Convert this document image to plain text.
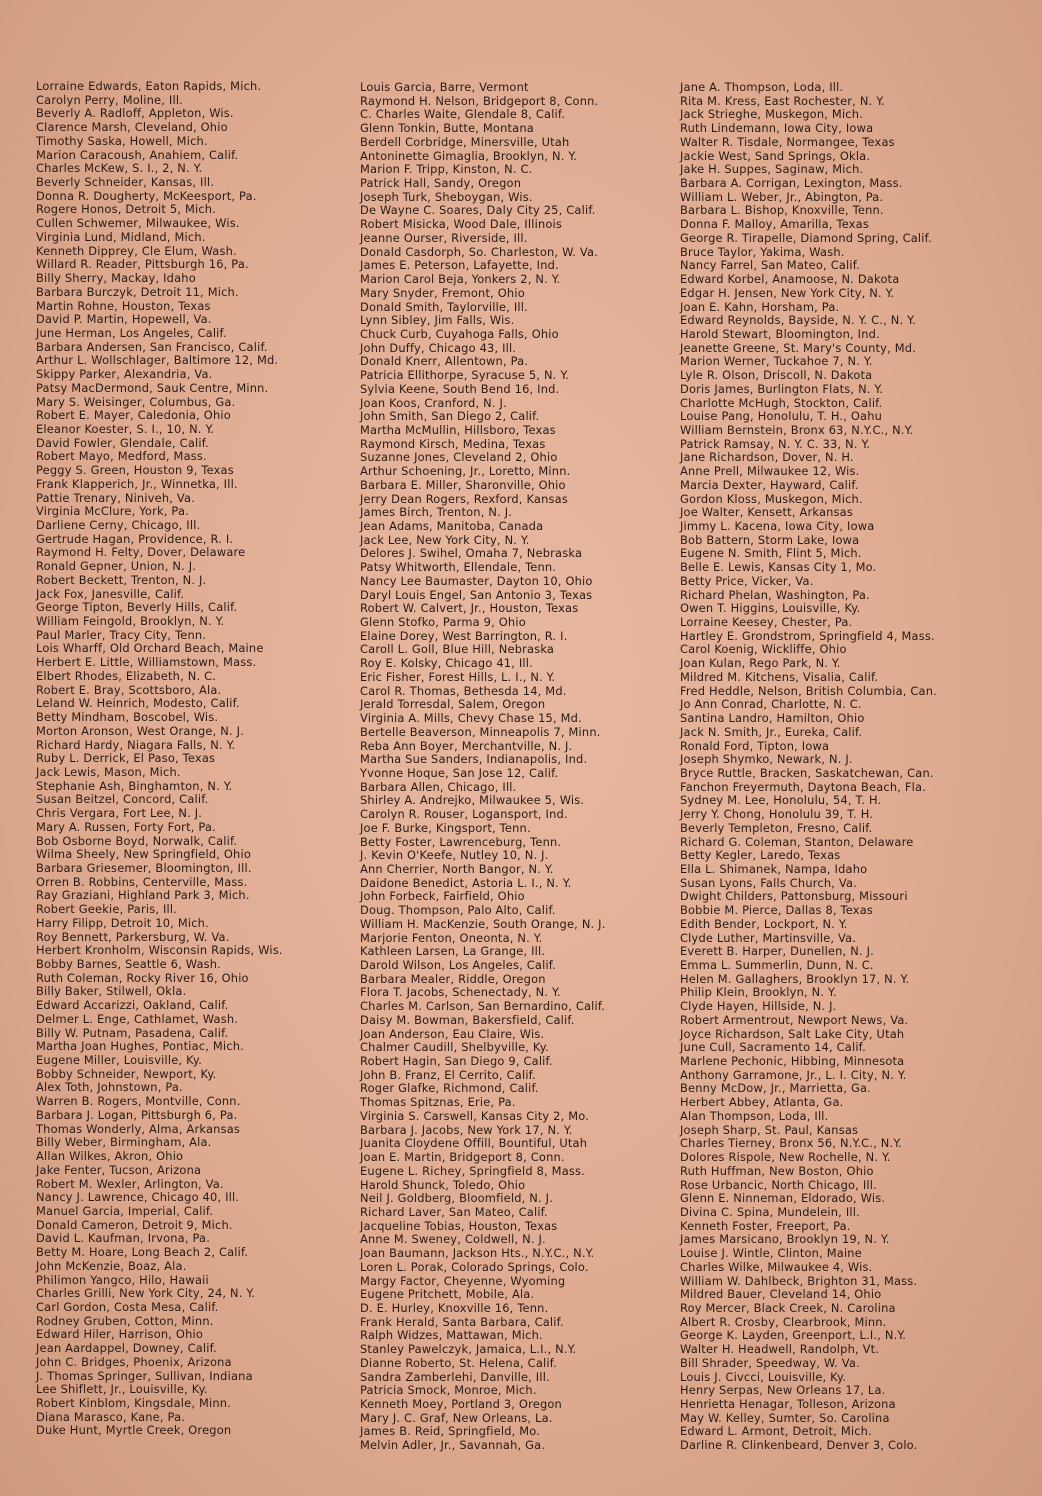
Lorraine Edwards, Eaton Rapids, Mich.
Carolyn Perry, Moline, Ill.
Beverly A. Radloff, Appleton, Wis.
Clarence Marsh, Cleveland, Ohio
Timothy Saska, Howell, Mich.
Marion Caracoush, Anahiem, Calif.
Charles McKew, S. I., 2, N. Y.
Beverly Schneider, Kansas, Ill.
Donna R. Dougherty, McKeesport, Pa.
Rogere Honos, Detroit 5, Mich.
Cullen Schwemer, Milwaukee, Wis.
Virginia Lund, Midland, Mich.
Kenneth Dipprey, Cle Elum, Wash.
Willard R. Reader, Pittsburgh 16, Pa.
Billy Sherry, Mackay, Idaho
Barbara Burczyk, Detroit 11, Mich.
Martin Rohne, Houston, Texas
David P. Martin, Hopewell, Va.
June Herman, Los Angeles, Calif.
Barbara Andersen, San Francisco, Calif.
Arthur L. Wollschlager, Baltimore 12, Md.
Skippy Parker, Alexandria, Va.
Patsy MacDermond, Sauk Centre, Minn.
Mary S. Weisinger, Columbus, Ga.
Robert E. Mayer, Caledonia, Ohio
Eleanor Koester, S. I., 10, N. Y.
David Fowler, Glendale, Calif.
Robert Mayo, Medford, Mass.
Peggy S. Green, Houston 9, Texas
Frank Klapperich, Jr., Winnetka, Ill.
Pattie Trenary, Niniveh, Va.
Virginia McClure, York, Pa.
Darliene Cerny, Chicago, Ill.
Gertrude Hagan, Providence, R. I.
Raymond H. Felty, Dover, Delaware
Ronald Gepner, Union, N. J.
Robert Beckett, Trenton, N. J.
Jack Fox, Janesville, Calif.
George Tipton, Beverly Hills, Calif.
William Feingold, Brooklyn, N. Y.
Paul Marler, Tracy City, Tenn.
Lois Wharff, Old Orchard Beach, Maine
Herbert E. Little, Williamstown, Mass.
Elbert Rhodes, Elizabeth, N. C.
Robert E. Bray, Scottsboro, Ala.
Leland W. Heinrich, Modesto, Calif.
Betty Mindham, Boscobel, Wis.
Morton Aronson, West Orange, N. J.
Richard Hardy, Niagara Falls, N. Y.
Ruby L. Derrick, El Paso, Texas
Jack Lewis, Mason, Mich.
Stephanie Ash, Binghamton, N. Y.
Susan Beitzel, Concord, Calif.
Chris Vergara, Fort Lee, N. J.
Mary A. Russen, Forty Fort, Pa.
Bob Osborne Boyd, Norwalk, Calif.
Wilma Sheely, New Springfield, Ohio
Barbara Griesemer, Bloomington, Ill.
Orren B. Robbins, Centerville, Mass.
Ray Graziani, Highland Park 3, Mich.
Robert Geekie, Paris, Ill.
Harry Filipp, Detroit 10, Mich.
Roy Bennett, Parkersburg, W. Va.
Herbert Kronholm, Wisconsin Rapids, Wis.
Bobby Barnes, Seattle 6, Wash.
Ruth Coleman, Rocky River 16, Ohio
Billy Baker, Stilwell, Okla.
Edward Accarizzi, Oakland, Calif.
Delmer L. Enge, Cathlamet, Wash.
Billy W. Putnam, Pasadena, Calif.
Martha Joan Hughes, Pontiac, Mich.
Eugene Miller, Louisville, Ky.
Bobby Schneider, Newport, Ky.
Alex Toth, Johnstown, Pa.
Warren B. Rogers, Montville, Conn.
Barbara J. Logan, Pittsburgh 6, Pa.
Thomas Wonderly, Alma, Arkansas
Billy Weber, Birmingham, Ala.
Allan Wilkes, Akron, Ohio
Jake Fenter, Tucson, Arizona
Robert M. Wexler, Arlington, Va.
Nancy J. Lawrence, Chicago 40, Ill.
Manuel Garcia, Imperial, Calif.
Donald Cameron, Detroit 9, Mich.
David L. Kaufman, Irvona, Pa.
Betty M. Hoare, Long Beach 2, Calif.
John McKenzie, Boaz, Ala.
Philimon Yangco, Hilo, Hawaii
Charles Grilli, New York City, 24, N. Y.
Carl Gordon, Costa Mesa, Calif.
Rodney Gruben, Cotton, Minn.
Edward Hiler, Harrison, Ohio
Jean Aardappel, Downey, Calif.
John C. Bridges, Phoenix, Arizona
J. Thomas Springer, Sullivan, Indiana
Lee Shiflett, Jr., Louisville, Ky.
Robert Kinblom, Kingsdale, Minn.
Diana Marasco, Kane, Pa.
Duke Hunt, Myrtle Creek, Oregon
Louis Garcia, Barre, Vermont
Raymond H. Nelson, Bridgeport 8, Conn.
C. Charles Waite, Glendale 8, Calif.
Glenn Tonkin, Butte, Montana
Berdell Corbridge, Minersville, Utah
Antoninette Gimaglia, Brooklyn, N. Y.
Marion F. Tripp, Kinston, N. C.
Patrick Hall, Sandy, Oregon
Joseph Turk, Sheboygan, Wis.
De Wayne C. Soares, Daly City 25, Calif.
Robert Misicka, Wood Dale, Illinois
Jeanne Ourser, Riverside, Ill.
Donald Casdorph, So. Charleston, W. Va.
James E. Peterson, Lafayette, Ind.
Marion Carol Beja, Yonkers 2, N. Y.
Mary Snyder, Fremont, Ohio
Donald Smith, Taylorville, Ill.
Lynn Sibley, Jim Falls, Wis.
Chuck Curb, Cuyahoga Falls, Ohio
John Duffy, Chicago 43, Ill.
Donald Knerr, Allentown, Pa.
Patricia Ellithorpe, Syracuse 5, N. Y.
Sylvia Keene, South Bend 16, Ind.
Joan Koos, Cranford, N. J.
John Smith, San Diego 2, Calif.
Martha McMullin, Hillsboro, Texas
Raymond Kirsch, Medina, Texas
Suzanne Jones, Cleveland 2, Ohio
Arthur Schoening, Jr., Loretto, Minn.
Barbara E. Miller, Sharonville, Ohio
Jerry Dean Rogers, Rexford, Kansas
James Birch, Trenton, N. J.
Jean Adams, Manitoba, Canada
Jack Lee, New York City, N. Y.
Delores J. Swihel, Omaha 7, Nebraska
Patsy Whitworth, Ellendale, Tenn.
Nancy Lee Baumaster, Dayton 10, Ohio
Daryl Louis Engel, San Antonio 3, Texas
Robert W. Calvert, Jr., Houston, Texas
Glenn Stofko, Parma 9, Ohio
Elaine Dorey, West Barrington, R. I.
Caroll L. Goll, Blue Hill, Nebraska
Roy E. Kolsky, Chicago 41, Ill.
Eric Fisher, Forest Hills, L. I., N. Y.
Carol R. Thomas, Bethesda 14, Md.
Jerald Torresdal, Salem, Oregon
Virginia A. Mills, Chevy Chase 15, Md.
Bertelle Beaverson, Minneapolis 7, Minn.
Reba Ann Boyer, Merchantville, N. J.
Martha Sue Sanders, Indianapolis, Ind.
Yvonne Hoque, San Jose 12, Calif.
Barbara Allen, Chicago, Ill.
Shirley A. Andrejko, Milwaukee 5, Wis.
Carolyn R. Rouser, Logansport, Ind.
Joe F. Burke, Kingsport, Tenn.
Betty Foster, Lawrenceburg, Tenn.
J. Kevin O'Keefe, Nutley 10, N. J.
Ann Cherrier, North Bangor, N. Y.
Daidone Benedict, Astoria L. I., N. Y.
John Forbeck, Fairfield, Ohio
Doug. Thompson, Palo Alto, Calif.
William H. MacKenzie, South Orange, N. J.
Marjorie Fenton, Oneonta, N. Y.
Kathleen Larsen, La Grange, Ill.
Darold Wilson, Los Angeles, Calif.
Barbara Mealer, Riddle, Oregon
Flora T. Jacobs, Schenectady, N. Y.
Charles M. Carlson, San Bernardino, Calif.
Daisy M. Bowman, Bakersfield, Calif.
Joan Anderson, Eau Claire, Wis.
Chalmer Caudill, Shelbyville, Ky.
Robert Hagin, San Diego 9, Calif.
John B. Franz, El Cerrito, Calif.
Roger Glafke, Richmond, Calif.
Thomas Spitznas, Erie, Pa.
Virginia S. Carswell, Kansas City 2, Mo.
Barbara J. Jacobs, New York 17, N. Y.
Juanita Cloydene Offill, Bountiful, Utah
Joan E. Martin, Bridgeport 8, Conn.
Eugene L. Richey, Springfield 8, Mass.
Harold Shunck, Toledo, Ohio
Neil J. Goldberg, Bloomfield, N. J.
Richard Laver, San Mateo, Calif.
Jacqueline Tobias, Houston, Texas
Anne M. Sweney, Coldwell, N. J.
Joan Baumann, Jackson Hts., N.Y.C., N.Y.
Loren L. Porak, Colorado Springs, Colo.
Margy Factor, Cheyenne, Wyoming
Eugene Pritchett, Mobile, Ala.
D. E. Hurley, Knoxville 16, Tenn.
Frank Herald, Santa Barbara, Calif.
Ralph Widzes, Mattawan, Mich.
Stanley Pawelczyk, Jamaica, L.I., N.Y.
Dianne Roberto, St. Helena, Calif.
Sandra Zamberlehi, Danville, Ill.
Patricia Smock, Monroe, Mich.
Kenneth Moey, Portland 3, Oregon
Mary J. C. Graf, New Orleans, La.
James B. Reid, Springfield, Mo.
Melvin Adler, Jr., Savannah, Ga.
Jane A. Thompson, Loda, Ill.
Rita M. Kress, East Rochester, N. Y.
Jack Strieghe, Muskegon, Mich.
Ruth Lindemann, Iowa City, Iowa
Walter R. Tisdale, Normangee, Texas
Jackie West, Sand Springs, Okla.
Jake H. Suppes, Saginaw, Mich.
Barbara A. Corrigan, Lexington, Mass.
William L. Weber, Jr., Abington, Pa.
Barbara L. Bishop, Knoxville, Tenn.
Donna F. Malloy, Amarilla, Texas
George R. Tirapelle, Diamond Spring, Calif.
Bruce Taylor, Yakima, Wash.
Nancy Farrel, San Mateo, Calif.
Edward Korbel, Anamoose, N. Dakota
Edgar H. Jensen, New York City, N. Y.
Joan E. Kahn, Horsham, Pa.
Edward Reynolds, Bayside, N. Y. C., N. Y.
Harold Stewart, Bloomington, Ind.
Jeanette Greene, St. Mary's County, Md.
Marion Werner, Tuckahoe 7, N. Y.
Lyle R. Olson, Driscoll, N. Dakota
Doris James, Burlington Flats, N. Y.
Charlotte McHugh, Stockton, Calif.
Louise Pang, Honolulu, T. H., Oahu
William Bernstein, Bronx 63, N.Y.C., N.Y.
Patrick Ramsay, N. Y. C. 33, N. Y.
Jane Richardson, Dover, N. H.
Anne Prell, Milwaukee 12, Wis.
Marcia Dexter, Hayward, Calif.
Gordon Kloss, Muskegon, Mich.
Joe Walter, Kensett, Arkansas
Jimmy L. Kacena, Iowa City, Iowa
Bob Battern, Storm Lake, Iowa
Eugene N. Smith, Flint 5, Mich.
Belle E. Lewis, Kansas City 1, Mo.
Betty Price, Vicker, Va.
Richard Phelan, Washington, Pa.
Owen T. Higgins, Louisville, Ky.
Lorraine Keesey, Chester, Pa.
Hartley E. Grondstrom, Springfield 4, Mass.
Carol Koenig, Wickliffe, Ohio
Joan Kulan, Rego Park, N. Y.
Mildred M. Kitchens, Visalia, Calif.
Fred Heddle, Nelson, British Columbia, Can.
Jo Ann Conrad, Charlotte, N. C.
Santina Landro, Hamilton, Ohio
Jack N. Smith, Jr., Eureka, Calif.
Ronald Ford, Tipton, Iowa
Joseph Shymko, Newark, N. J.
Bryce Ruttle, Bracken, Saskatchewan, Can.
Fanchon Freyermuth, Daytona Beach, Fla.
Sydney M. Lee, Honolulu, 54, T. H.
Jerry Y. Chong, Honolulu 39, T. H.
Beverly Templeton, Fresno, Calif.
Richard G. Coleman, Stanton, Delaware
Betty Kegler, Laredo, Texas
Ella L. Shimanek, Nampa, Idaho
Susan Lyons, Falls Church, Va.
Dwight Childers, Pattonsburg, Missouri
Bobbie M. Pierce, Dallas 8, Texas
Edith Bender, Lockport, N. Y.
Clyde Luther, Martinsville, Va.
Everett B. Harper, Dunellen, N. J.
Emma L. Summerlin, Dunn, N. C.
Helen M. Gallaghers, Brooklyn 17, N. Y.
Philip Klein, Brooklyn, N. Y.
Clyde Hayen, Hillside, N. J.
Robert Armentrout, Newport News, Va.
Joyce Richardson, Salt Lake City, Utah
June Cull, Sacramento 14, Calif.
Marlene Pechonic, Hibbing, Minnesota
Anthony Garramone, Jr., L. I. City, N. Y.
Benny McDow, Jr., Marrietta, Ga.
Herbert Abbey, Atlanta, Ga.
Alan Thompson, Loda, Ill.
Joseph Sharp, St. Paul, Kansas
Charles Tierney, Bronx 56, N.Y.C., N.Y.
Dolores Rispole, New Rochelle, N. Y.
Ruth Huffman, New Boston, Ohio
Rose Urbancic, North Chicago, Ill.
Glenn E. Ninneman, Eldorado, Wis.
Divina C. Spina, Mundelein, Ill.
Kenneth Foster, Freeport, Pa.
James Marsicano, Brooklyn 19, N. Y.
Louise J. Wintle, Clinton, Maine
Charles Wilke, Milwaukee 4, Wis.
William W. Dahlbeck, Brighton 31, Mass.
Mildred Bauer, Cleveland 14, Ohio
Roy Mercer, Black Creek, N. Carolina
Albert R. Crosby, Clearbrook, Minn.
George K. Layden, Greenport, L.I., N.Y.
Walter H. Headwell, Randolph, Vt.
Bill Shrader, Speedway, W. Va.
Louis J. Civcci, Louisville, Ky.
Henry Serpas, New Orleans 17, La.
Henrietta Henagar, Tolleson, Arizona
May W. Kelley, Sumter, So. Carolina
Edward L. Armont, Detroit, Mich.
Darline R. Clinkenbeard, Denver 3, Colo.
